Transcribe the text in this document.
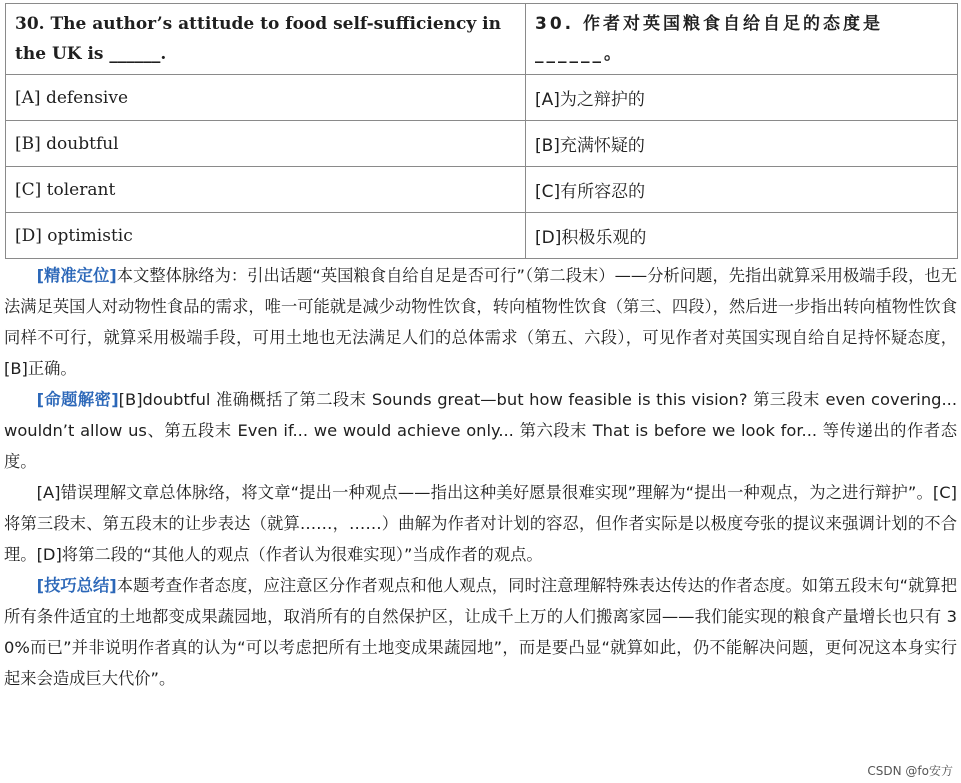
30. The author’s attitude to food self-sufficiency in the UK is ______.	30. 作者对英国粮食自给自足的态度是______。
[A] defensive	[A]为之辩护的
[B] doubtful	[B]充满怀疑的
[C] tolerant	[C]有所容忍的
[D] optimistic	[D]积极乐观的

[精准定位]本文整体脉络为：引出话题“英国粮食自给自足是否可行”（第二段末）——分析问题，先指出就算采用极端手段，也无法满足英国人对动物性食品的需求，唯一可能就是减少动物性饮食，转向植物性饮食（第三、四段），然后进一步指出转向植物性饮食同样不可行，就算采用极端手段，可用土地也无法满足人们的总体需求（第五、六段），可见作者对英国实现自给自足持怀疑态度，[B]正确。

[命题解密][B]doubtful 准确概括了第二段末 Sounds great—but how feasible is this vision? 第三段末 even covering... wouldn’t allow us、第五段末 Even if... we would achieve only... 第六段末 That is before we look for... 等传递出的作者态度。

[A]错误理解文章总体脉络，将文章“提出一种观点——指出这种美好愿景很难实现”理解为“提出一种观点，为之进行辩护”。[C]将第三段末、第五段末的让步表达（就算……，……）曲解为作者对计划的容忍，但作者实际是以极度夸张的提议来强调计划的不合理。[D]将第二段的“其他人的观点（作者认为很难实现）”当成作者的观点。

[技巧总结]本题考查作者态度，应注意区分作者观点和他人观点，同时注意理解特殊表达传达的作者态度。如第五段末句“就算把所有条件适宜的土地都变成果蔬园地，取消所有的自然保护区，让成千上万的人们搬离家园——我们能实现的粮食产量增长也只有 30%而已”并非说明作者真的认为“可以考虑把所有土地变成果蔬园地”，而是要凸显“就算如此，仍不能解决问题，更何况这本身实行起来会造成巨大代价”。

CSDN @fo安方
